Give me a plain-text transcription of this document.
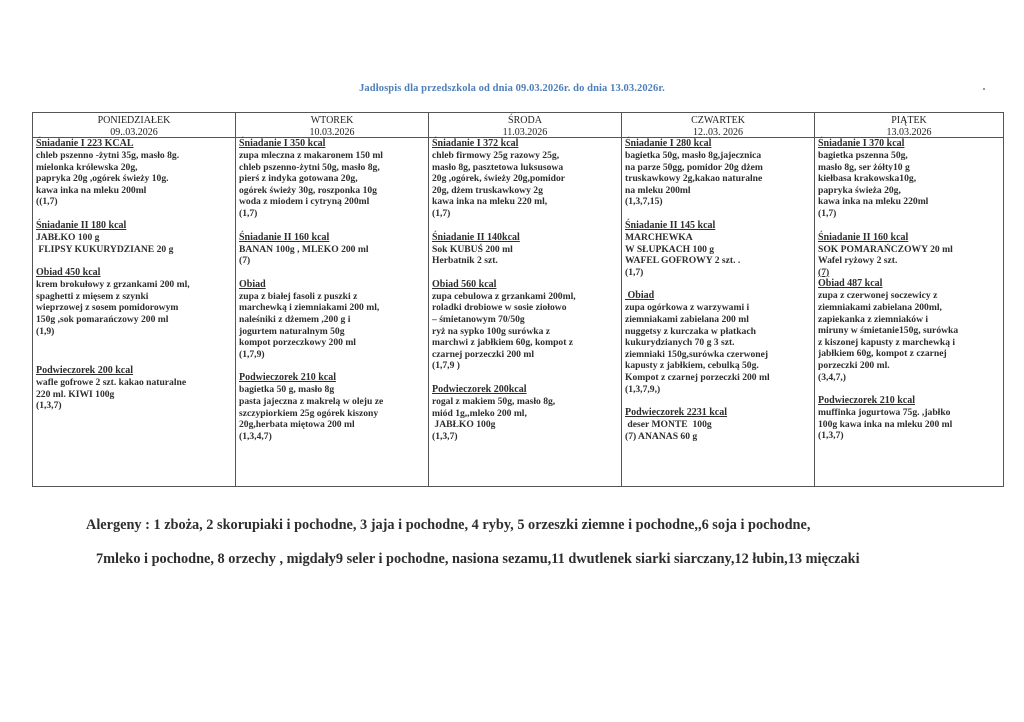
Jadłospis dla przedszkola od dnia 09.03.2026r. do dnia 13.03.2026r.
PONIEDZIAŁEK
09..03.2026
Śniadanie I 223 KCAL
chleb pszenno -żytni 35g, masło 8g.
mielonka królewska 20g,
papryka 20g ,ogórek świeży 10g.
kawa inka na mleku 200ml
((1,7)
Śniadanie II 180 kcal
JABŁKO 100 g
FLIPSY KUKURYDZIANE 20 g
Obiad 450 kcal
krem brokułowy z grzankami 200 ml,
spaghetti z mięsem z szynki
wieprzowej z sosem pomidorowym
150g ,sok pomarańczowy 200 ml
(1,9)
Podwieczorek 200 kcal
wafle gofrowe 2 szt. kakao naturalne
220 ml. KIWI 100g
(1,3,7)
WTOREK
10.03.2026
Śniadanie I 350 kcal
zupa mleczna z makaronem 150 ml
chleb pszenno-żytni 50g, masło 8g,
pierś z indyka gotowana 20g,
ogórek świeży 30g, roszponka 10g
woda z miodem i cytryną 200ml
(1,7)
Śniadanie II 160 kcal
BANAN 100g , MLEKO 200 ml
(7)
Obiad
zupa z białej fasoli z puszki z
marchewką i ziemniakami 200 ml,
naleśniki z dżemem ,200 g i
jogurtem naturalnym 50g
kompot porzeczkowy 200 ml
(1,7,9)
Podwieczorek 210 kcal
bagietka 50 g, masło 8g
pasta jajeczna z makrelą w oleju ze
szczypiorkiem 25g ogórek kiszony
20g,herbata miętowa 200 ml
(1,3,4,7)
ŚRODA
11.03.2026
Śniadanie I 372 kcal
chleb firmowy 25g razowy 25g,
masło 8g, pasztetowa luksusowa
20g ,ogórek, świeży 20g,pomidor
20g, dżem truskawkowy 2g
kawa inka na mleku 220 ml,
(1,7)
Śniadanie II 140kcal
Sok KUBUŚ 200 ml
Herbatnik 2 szt.
Obiad 560 kcal
zupa cebulowa z grzankami 200ml,
roladki drobiowe w sosie ziołowo
– śmietanowym 70/50g
ryż na sypko 100g surówka z
marchwi z jabłkiem 60g, kompot z
czarnej porzeczki 200 ml
(1,7,9 )
Podwieczorek 200kcal
rogal z makiem 50g, masło 8g,
miód 1g,,mleko 200 ml,
JABŁKO 100g
(1,3,7)
CZWARTEK
12..03. 2026
Śniadanie I 280 kcal
bagietka 50g, masło 8g,jajecznica
na parze 50gg, pomidor 20g dżem
truskawkowy 2g,kakao naturalne
na mleku 200ml
(1,3,7,15)
Śniadanie II 145 kcal
MARCHEWKA
W SŁUPKACH 100 g
WAFEL GOFROWY 2 szt. .
(1,7)
Obiad
zupa ogórkowa z warzywami i
ziemniakami zabielana 200 ml
nuggetsy z kurczaka w płatkach
kukurydzianych 70 g 3 szt.
ziemniaki 150g,surówka czerwonej
kapusty z jabłkiem, cebulką 50g.
Kompot z czarnej porzeczki 200 ml
(1,3,7,9,)
Podwieczorek 2231 kcal
deser MONTE  100g
(7) ANANAS 60 g
PIĄTEK
13.03.2026
Śniadanie I 370 kcal
bagietka pszenna 50g,
masło 8g, ser żółty10 g
kiełbasa krakowska10g,
papryka świeża 20g,
kawa inka na mleku 220ml
(1,7)
Śniadanie II 160 kcal
SOK POMARAŃCZOWY 20 ml
Wafel ryżowy 2 szt.
(7)
Obiad 487 kcal
zupa z czerwonej soczewicy z
ziemniakami zabielana 200ml,
zapiekanka z ziemniaków i
miruny w śmietanie150g, surówka
z kiszonej kapusty z marchewką i
jabłkiem 60g, kompot z czarnej
porzeczki 200 ml.
(3,4,7,)
Podwieczorek 210 kcal
muffinka jogurtowa 75g. ,jabłko
100g kawa inka na mleku 200 ml
(1,3,7)
Alergeny : 1 zboża, 2 skorupiaki i pochodne, 3 jaja i pochodne, 4 ryby, 5 orzeszki ziemne i pochodne,,6 soja i pochodne,
7mleko i pochodne, 8 orzechy , migdały9 seler i pochodne, nasiona sezamu,11 dwutlenek siarki siarczany,12 łubin,13 mięczaki
